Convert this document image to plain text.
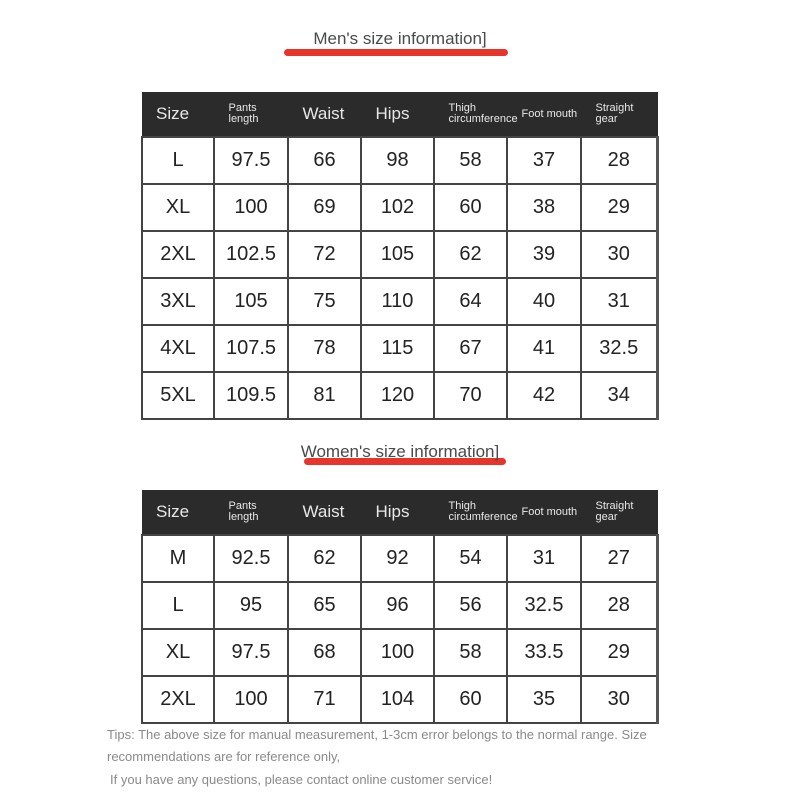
Men's size information]
Size	Pants length	Waist	Hips	Thigh circumference	Foot mouth	Straight gear
L	97.5	66	98	58	37	28
XL	100	69	102	60	38	29
2XL	102.5	72	105	62	39	30
3XL	105	75	110	64	40	31
4XL	107.5	78	115	67	41	32.5
5XL	109.5	81	120	70	42	34
Women's size information]
Size	Pants length	Waist	Hips	Thigh circumference	Foot mouth	Straight gear
M	92.5	62	92	54	31	27
L	95	65	96	56	32.5	28
XL	97.5	68	100	58	33.5	29
2XL	100	71	104	60	35	30
Tips: The above size for manual measurement, 1-3cm error belongs to the normal range. Size recommendations are for reference only,
If you have any questions, please contact online customer service!
